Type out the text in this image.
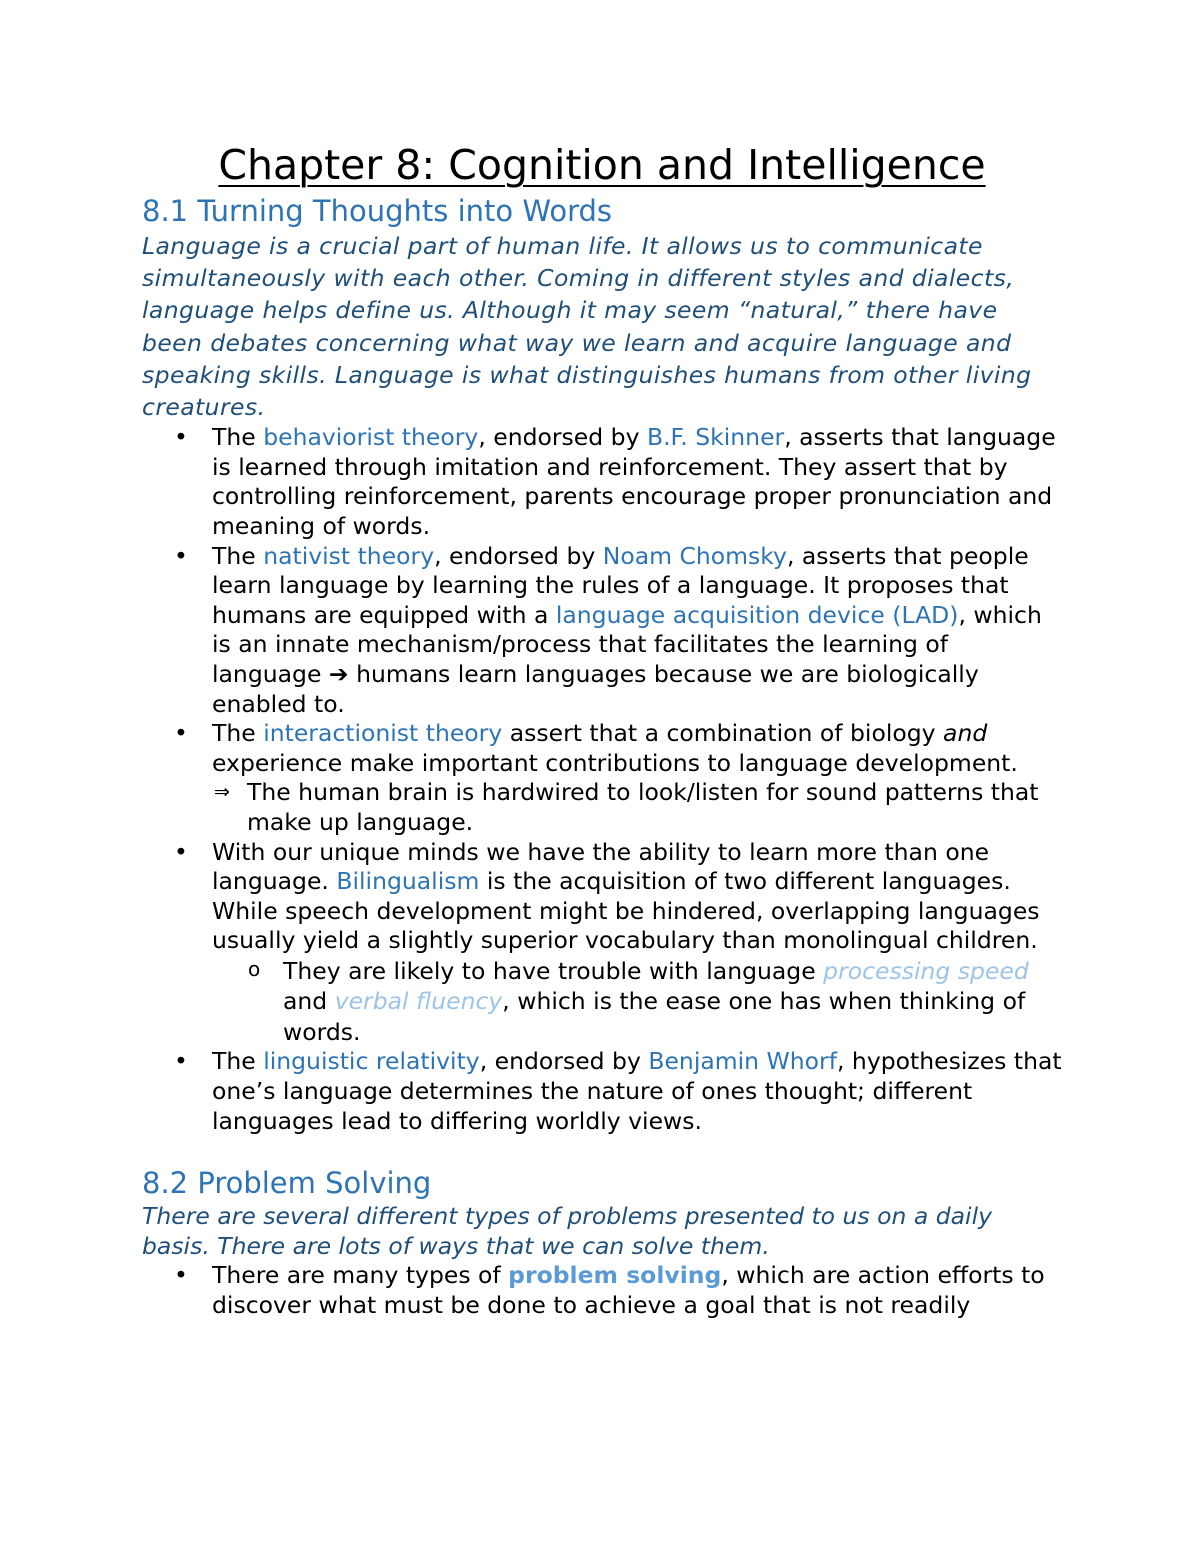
Chapter 8: Cognition and Intelligence
8.1 Turning Thoughts into Words

Language is a crucial part of human life. It allows us to communicate simultaneously with each other. Coming in different styles and dialects, language helps define us. Although it may seem “natural,” there have been debates concerning what way we learn and acquire language and speaking skills. Language is what distinguishes humans from other living creatures.

• The behaviorist theory, endorsed by B.F. Skinner, asserts that language is learned through imitation and reinforcement. They assert that by controlling reinforcement, parents encourage proper pronunciation and meaning of words.
• The nativist theory, endorsed by Noam Chomsky, asserts that people learn language by learning the rules of a language. It proposes that humans are equipped with a language acquisition device (LAD), which is an innate mechanism/process that facilitates the learning of language ➔ humans learn languages because we are biologically enabled to.
• The interactionist theory assert that a combination of biology and experience make important contributions to language development.
⇒ The human brain is hardwired to look/listen for sound patterns that make up language.
• With our unique minds we have the ability to learn more than one language. Bilingualism is the acquisition of two different languages. While speech development might be hindered, overlapping languages usually yield a slightly superior vocabulary than monolingual children.
o They are likely to have trouble with language processing speed and verbal fluency, which is the ease one has when thinking of words.
• The linguistic relativity, endorsed by Benjamin Whorf, hypothesizes that one’s language determines the nature of ones thought; different languages lead to differing worldly views.
8.2 Problem Solving

There are several different types of problems presented to us on a daily basis. There are lots of ways that we can solve them.

• There are many types of problem solving, which are action efforts to discover what must be done to achieve a goal that is not readily
